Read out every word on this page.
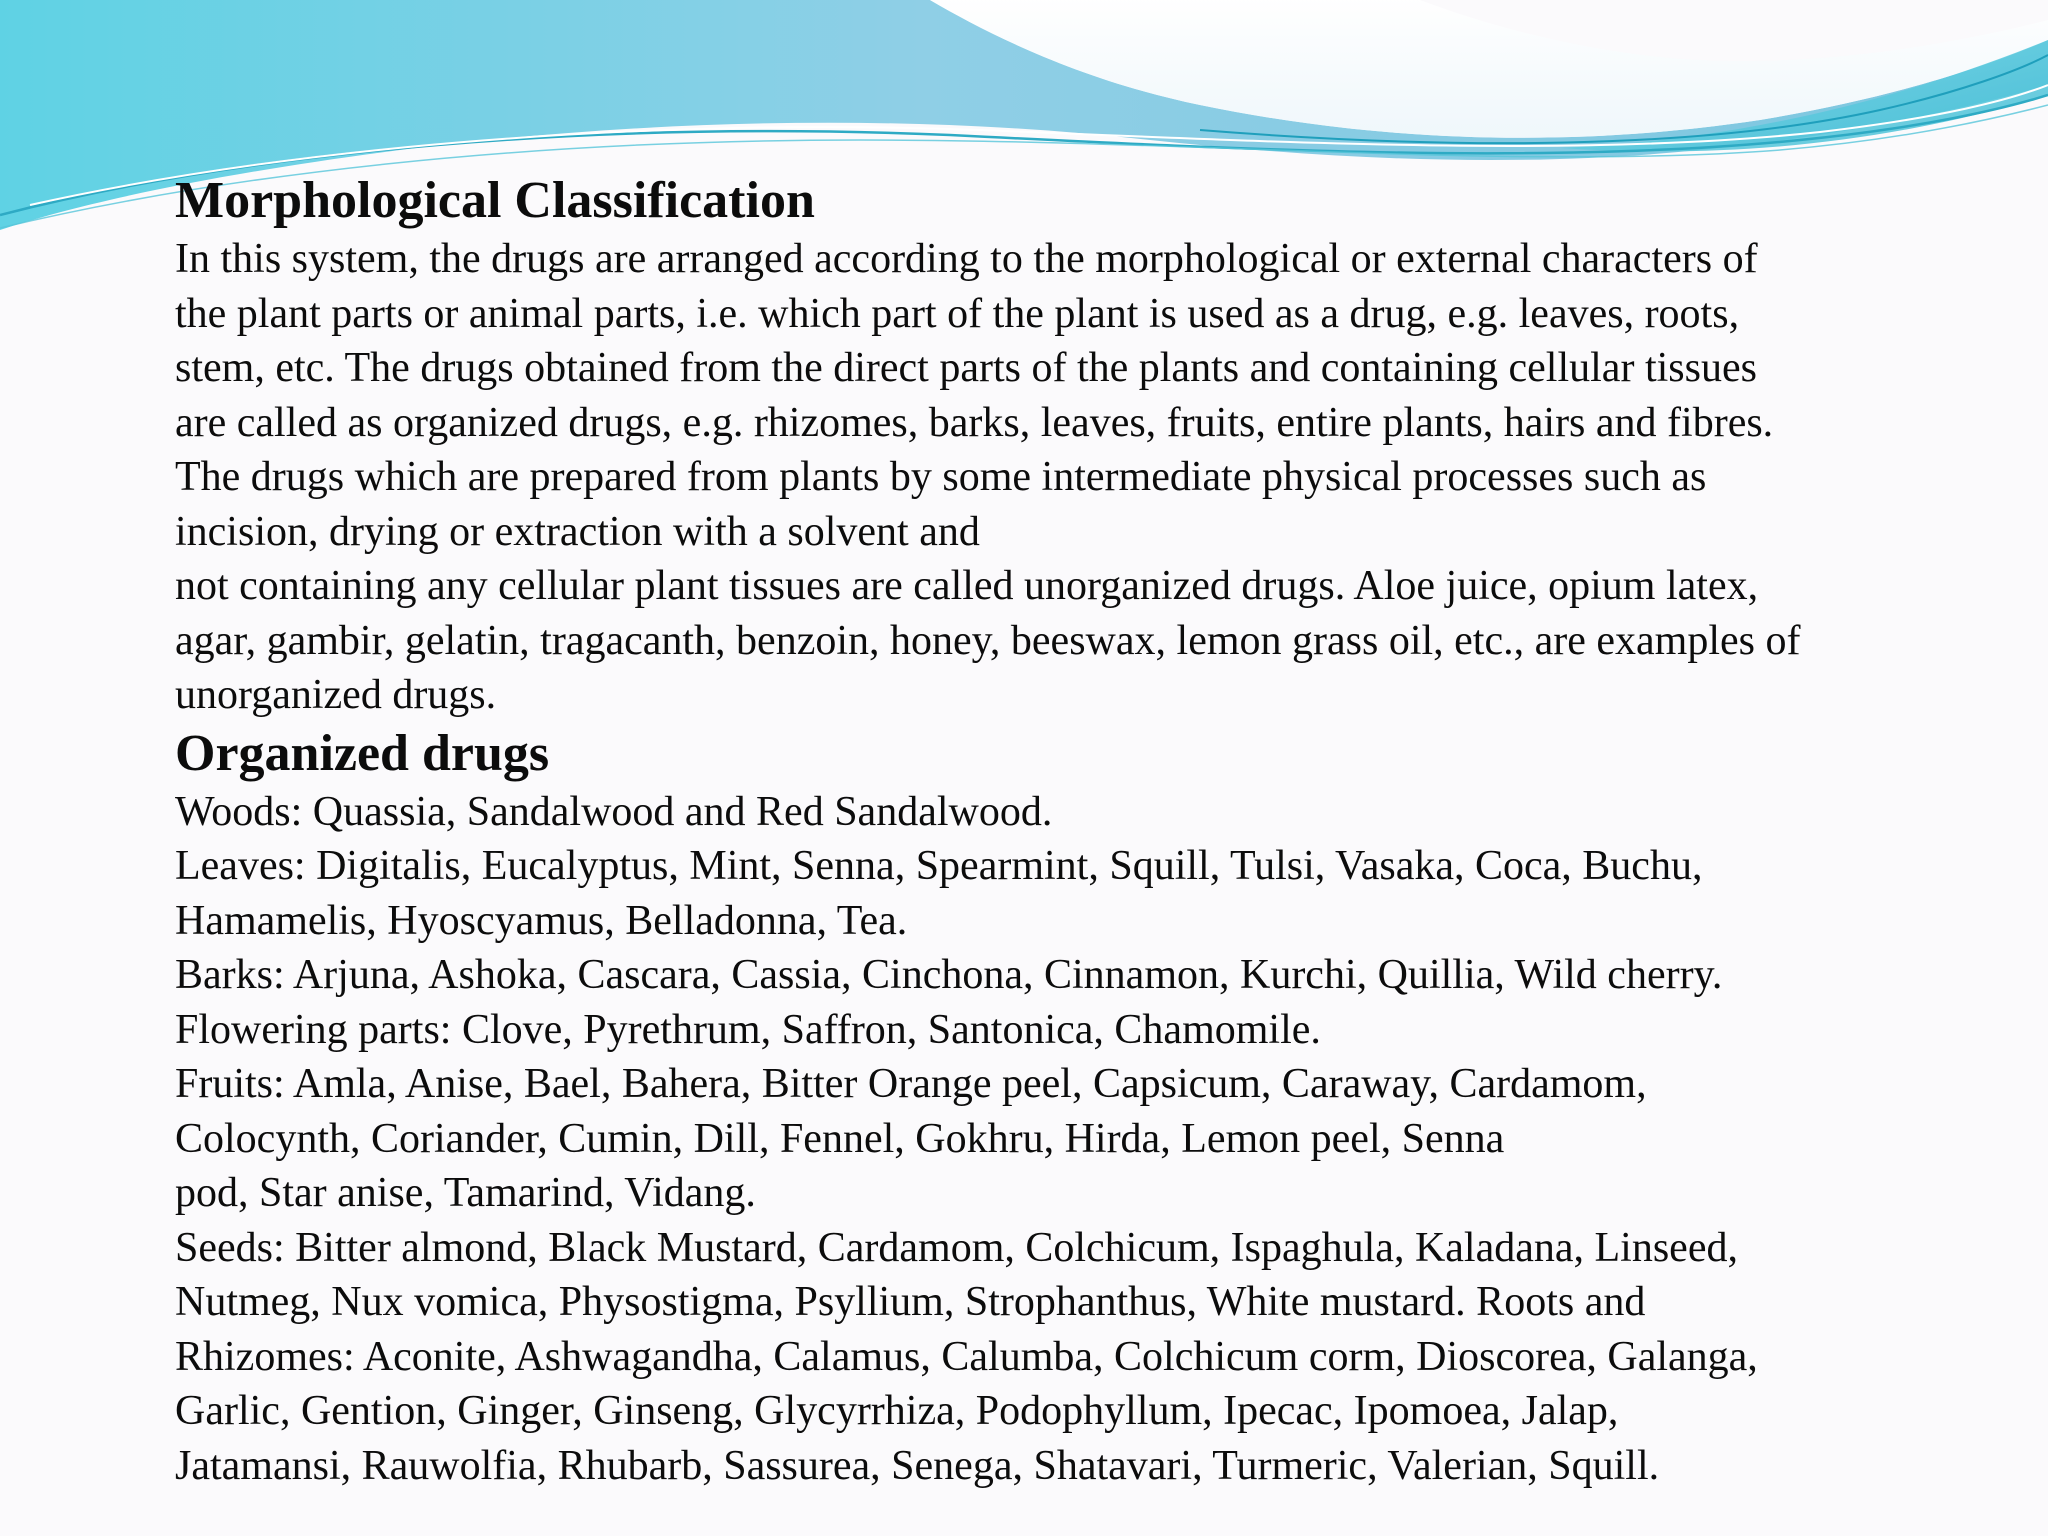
Morphological Classification
In this system, the drugs are arranged according to the morphological or external characters of
the plant parts or animal parts, i.e. which part of the plant is used as a drug, e.g. leaves, roots,
stem, etc. The drugs obtained from the direct parts of the plants and containing cellular tissues
are called as organized drugs, e.g. rhizomes, barks, leaves, fruits, entire plants, hairs and fibres.
The drugs which are prepared from plants by some intermediate physical processes such as
incision, drying or extraction with a solvent and
not containing any cellular plant tissues are called unorganized drugs. Aloe juice, opium latex,
agar, gambir, gelatin, tragacanth, benzoin, honey, beeswax, lemon grass oil, etc., are examples of
unorganized drugs.
Organized drugs
Woods: Quassia, Sandalwood and Red Sandalwood.
Leaves: Digitalis, Eucalyptus, Mint, Senna, Spearmint, Squill, Tulsi, Vasaka, Coca, Buchu,
Hamamelis, Hyoscyamus, Belladonna, Tea.
Barks: Arjuna, Ashoka, Cascara, Cassia, Cinchona, Cinnamon, Kurchi, Quillia, Wild cherry.
Flowering parts: Clove, Pyrethrum, Saffron, Santonica, Chamomile.
Fruits: Amla, Anise, Bael, Bahera, Bitter Orange peel, Capsicum, Caraway, Cardamom,
Colocynth, Coriander, Cumin, Dill, Fennel, Gokhru, Hirda, Lemon peel, Senna
pod, Star anise, Tamarind, Vidang.
Seeds: Bitter almond, Black Mustard, Cardamom, Colchicum, Ispaghula, Kaladana, Linseed,
Nutmeg, Nux vomica, Physostigma, Psyllium, Strophanthus, White mustard. Roots and
Rhizomes: Aconite, Ashwagandha, Calamus, Calumba, Colchicum corm, Dioscorea, Galanga,
Garlic, Gention, Ginger, Ginseng, Glycyrrhiza, Podophyllum, Ipecac, Ipomoea, Jalap,
Jatamansi, Rauwolfia, Rhubarb, Sassurea, Senega, Shatavari, Turmeric, Valerian, Squill.
